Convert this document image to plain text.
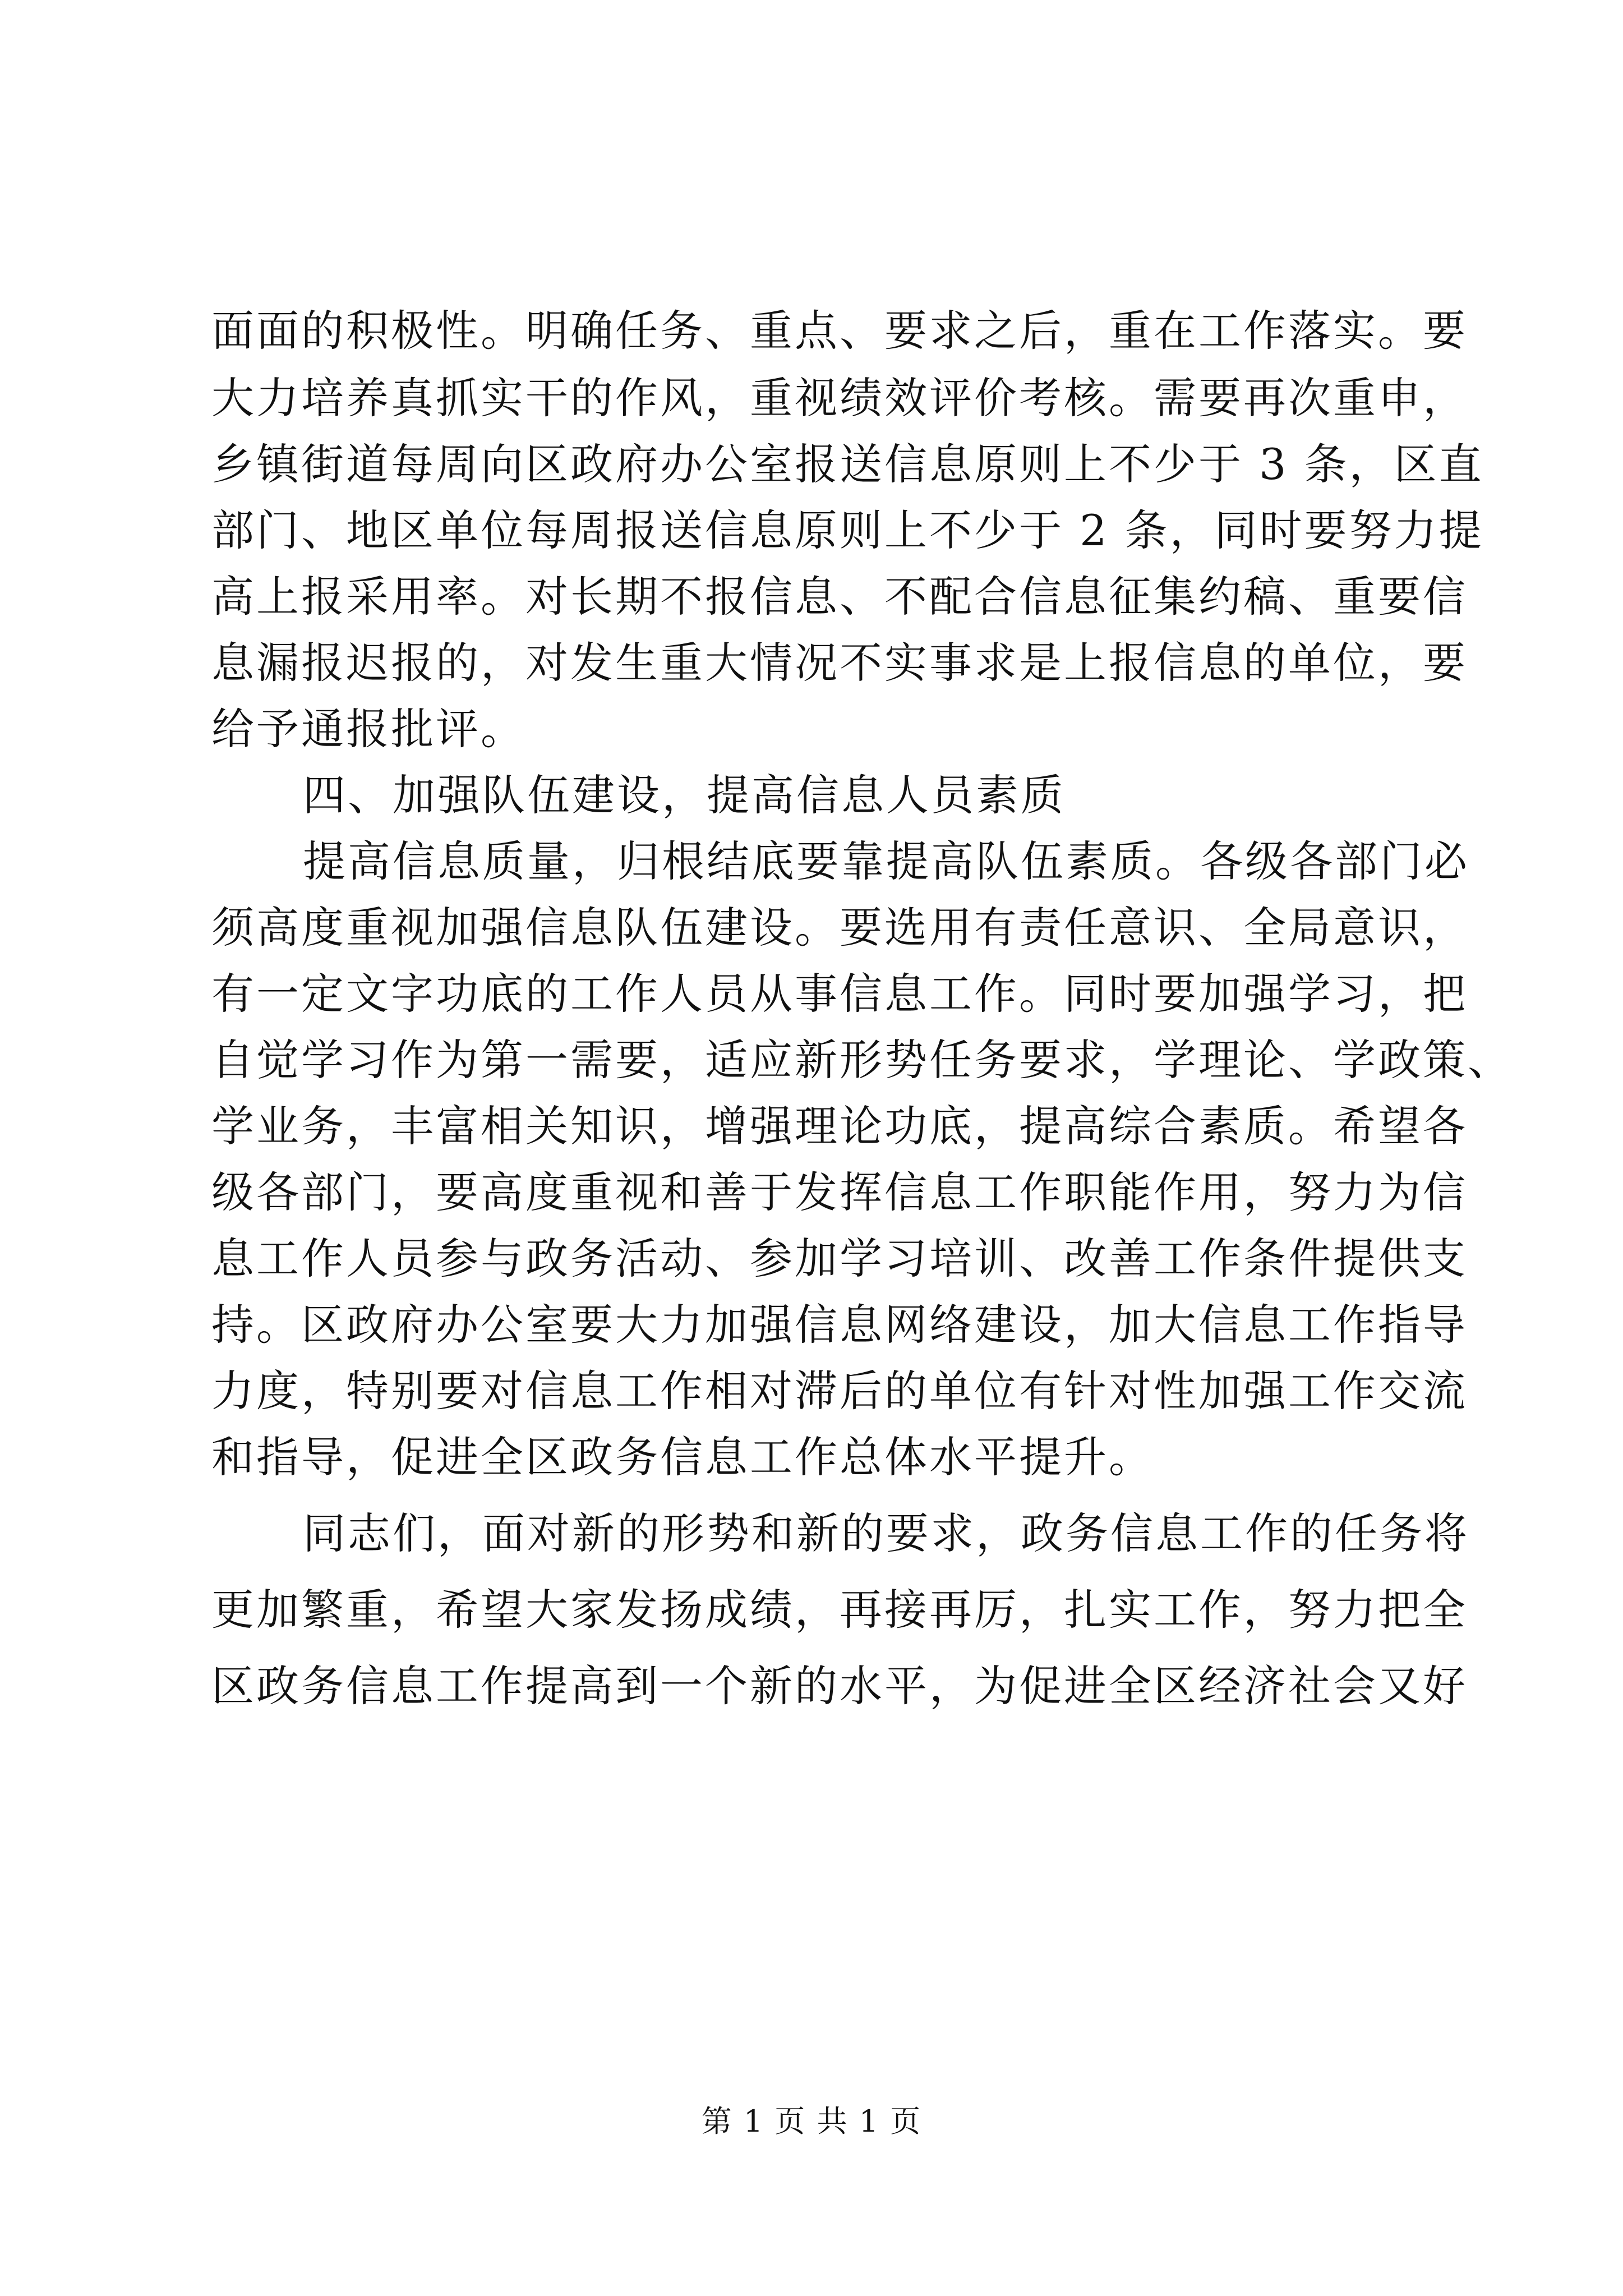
面面的积极性。明确任务、重点、要求之后，重在工作落实。要
大力培养真抓实干的作风，重视绩效评价考核。需要再次重申，
乡镇街道每周向区政府办公室报送信息原则上不少于 3 条，区直
部门、地区单位每周报送信息原则上不少于 2 条，同时要努力提
高上报采用率。对长期不报信息、不配合信息征集约稿、重要信
息漏报迟报的，对发生重大情况不实事求是上报信息的单位，要
给予通报批评。
四、加强队伍建设，提高信息人员素质
提高信息质量，归根结底要靠提高队伍素质。各级各部门必
须高度重视加强信息队伍建设。要选用有责任意识、全局意识，
有一定文字功底的工作人员从事信息工作。同时要加强学习，把
自觉学习作为第一需要，适应新形势任务要求，学理论、学政策、
学业务，丰富相关知识，增强理论功底，提高综合素质。希望各
级各部门，要高度重视和善于发挥信息工作职能作用，努力为信
息工作人员参与政务活动、参加学习培训、改善工作条件提供支
持。区政府办公室要大力加强信息网络建设，加大信息工作指导
力度，特别要对信息工作相对滞后的单位有针对性加强工作交流
和指导，促进全区政务信息工作总体水平提升。
同志们，面对新的形势和新的要求，政务信息工作的任务将
更加繁重，希望大家发扬成绩，再接再厉，扎实工作，努力把全
区政务信息工作提高到一个新的水平，为促进全区经济社会又好
第 1 页 共 1 页
